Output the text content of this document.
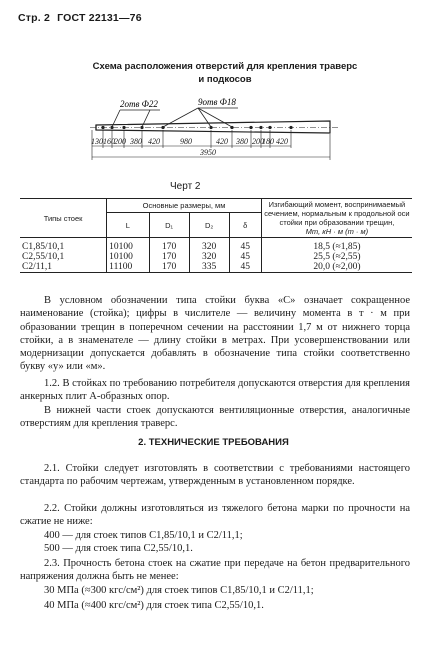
Стр. 2 ГОСТ 22131—76
Схема расположения отверстий для крепления траверс
и подкосов
2отв Ф22	9отв Ф18
130 160 200 380 420	980	420 380 200
180 420
3950
Черт 2
Типы стоек	Основные размеры, мм				Изгибающий момент, воспринимаемый
сечением, нормальным к продольной оси
стойки при образовании трещин,
Мт, кН · м (т · м)

	L	D₁	D₂	δ	
С1,85/10,1	10100	170	320	45	18,5 (≈1,85)
С2,55/10,1	10100	170	320	45	25,5 (≈2,55)
С2/11,1	11100	170	335	45	20,0 (≈2,00)

В условном обозначении типа стойки буква «С» означает сокращенное наименование (стойка); цифры в числителе — величину момента в т · м при образовании трещин в поперечном сечении на расстоянии 1,7 м от нижнего торца стойки, а в знаменателе — длину стойки в метрах. При усовершенствовании или модернизации допускается добавлять в обозначение типа стойки соответственно букву «у» или «м».

1.2. В стойках по требованию потребителя допускаются отверстия для крепления анкерных плит А-образных опор.

В нижней части стоек допускаются вентиляционные отверстия, аналогичные отверстиям для крепления траверс.

2. ТЕХНИЧЕСКИЕ ТРЕБОВАНИЯ

2.1. Стойки следует изготовлять в соответствии с требованиями настоящего стандарта по рабочим чертежам, утвержденным в установленном порядке.

2.2. Стойки должны изготовляться из тяжелого бетона марки по прочности на сжатие не ниже:

400 — для стоек типов С1,85/10,1 и С2/11,1;
500 — для стоек типа С2,55/10,1.

2.3. Прочность бетона стоек на сжатие при передаче на бетон предварительного напряжения должна быть не менее:

30 МПа (≈300 кгс/см²) для стоек типов С1,85/10,1 и С2/11,1;
40 МПа (≈400 кгс/см²) для стоек типа С2,55/10,1.
